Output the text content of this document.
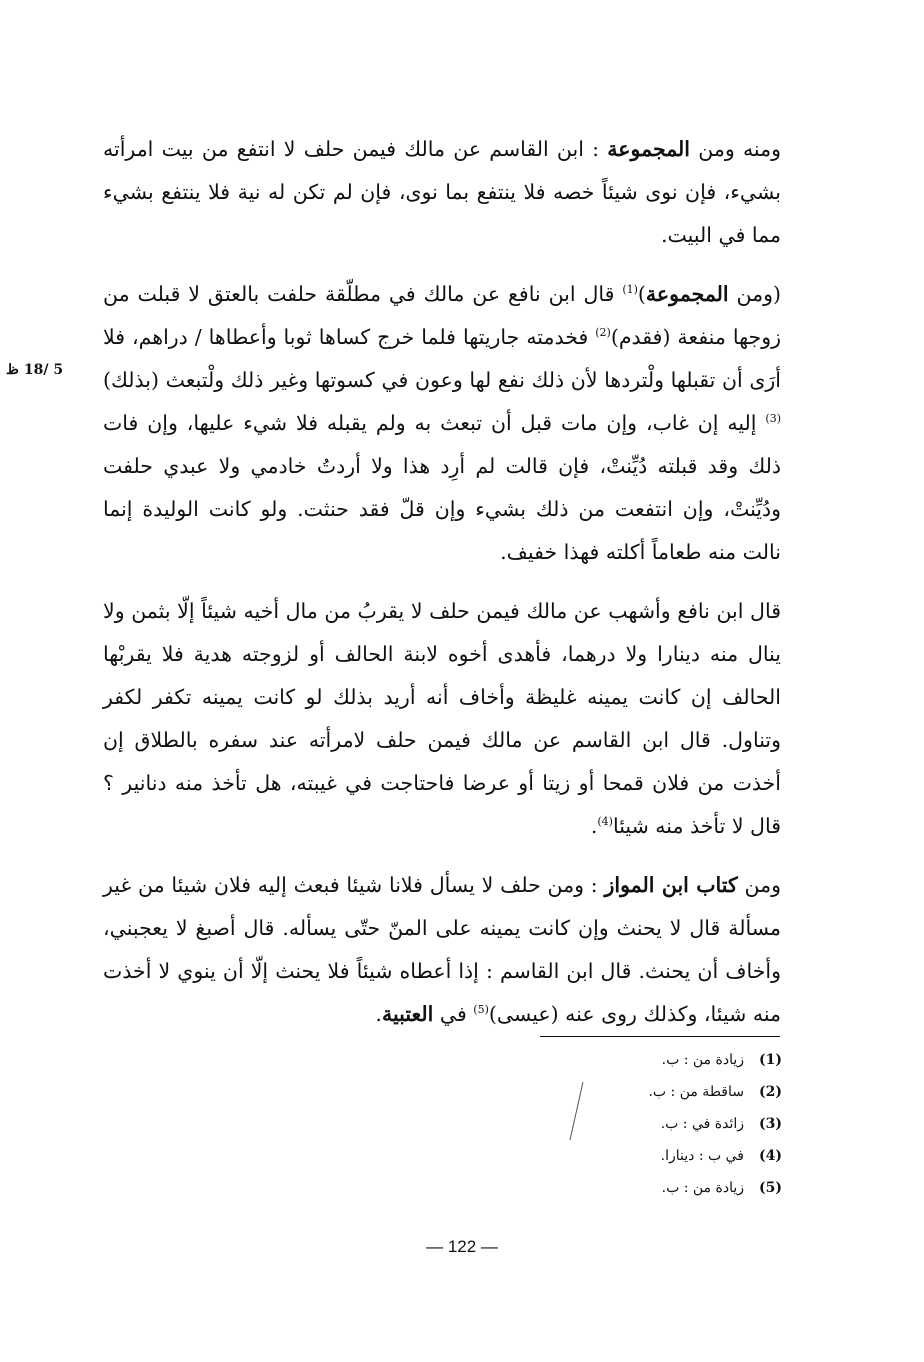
5 /18 ظ

ومنه ومن المجموعة : ابن القاسم عن مالك فيمن حلف لا انتفع من بيت امرأته بشيء، فإن نوى شيئاً خصه فلا ينتفع بما نوى، فإن لم تكن له نية فلا ينتفع بشيء مما في البيت.

(ومن المجموعة)$^{(1)}$ قال ابن نافع عن مالك في مطلّقة حلفت بالعتق لا قبلت من زوجها منفعة (فقدم)$^{(2)}$ فخدمته جاريتها فلما خرج كساها ثوبا وأعطاها / دراهم، فلا أرَى أن تقبلها ولْتردها لأن ذلك نفع لها وعون في كسوتها وغير ذلك ولْتبعث (بذلك)$^{(3)}$ إليه إن غاب، وإن مات قبل أن تبعث به ولم يقبله فلا شيء عليها، وإن فات ذلك وقد قبلته دُيِّنتْ، فإن قالت لم أرِد هذا ولا أردتُ خادمي ولا عبدي حلفت ودُيِّنتْ، وإن انتفعت من ذلك بشيء وإن قلّ فقد حنثت. ولو كانت الوليدة إنما نالت منه طعاماً أكلته فهذا خفيف.

قال ابن نافع وأشهب عن مالك فيمن حلف لا يقربُ من مال أخيه شيئاً إلّا بثمن ولا ينال منه دينارا ولا درهما، فأهدى أخوه لابنة الحالف أو لزوجته هدية فلا يقربْها الحالف إن كانت يمينه غليظة وأخاف أنه أريد بذلك لو كانت يمينه تكفر لكفر وتناول. قال ابن القاسم عن مالك فيمن حلف لامرأته عند سفره بالطلاق إن أخذت من فلان قمحا أو زيتا أو عرضا فاحتاجت في غيبته، هل تأخذ منه دنانير ؟ قال لا تأخذ منه شيئا$^{(4)}$.

ومن كتاب ابن المواز : ومن حلف لا يسأل فلانا شيئا فبعث إليه فلان شيئا من غير مسألة قال لا يحنث وإن كانت يمينه على المنّ حتّى يسأله. قال أصبغ لا يعجبني، وأخاف أن يحنث. قال ابن القاسم : إذا أعطاه شيئاً فلا يحنث إلّا أن ينوي لا أخذت منه شيئا، وكذلك روى عنه (عيسى)$^{(5)}$ في العتبية.

(1)زيادة من : ب.
(2)ساقطة من : ب.
(3)زائدة في : ب.
(4)في ب : دينارا.
(5)زيادة من : ب.
— 122 —
